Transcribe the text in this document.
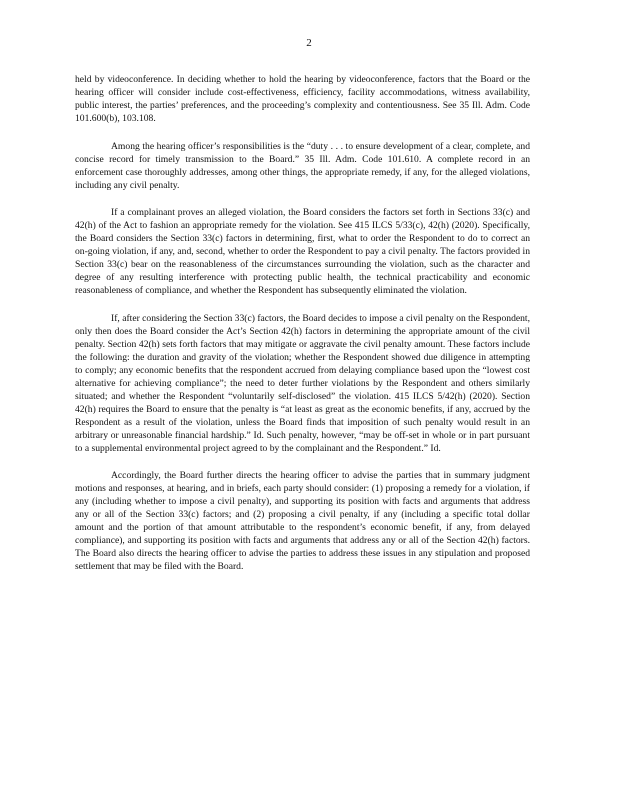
2

held by videoconference. In deciding whether to hold the hearing by videoconference, factors that the Board or the hearing officer will consider include cost-effectiveness, efficiency, facility accommodations, witness availability, public interest, the parties’ preferences, and the proceeding’s complexity and contentiousness. See 35 Ill. Adm. Code 101.600(b), 103.108.

Among the hearing officer’s responsibilities is the “duty . . . to ensure development of a clear, complete, and concise record for timely transmission to the Board.” 35 Ill. Adm. Code 101.610. A complete record in an enforcement case thoroughly addresses, among other things, the appropriate remedy, if any, for the alleged violations, including any civil penalty.

If a complainant proves an alleged violation, the Board considers the factors set forth in Sections 33(c) and 42(h) of the Act to fashion an appropriate remedy for the violation. See 415 ILCS 5/33(c), 42(h) (2020). Specifically, the Board considers the Section 33(c) factors in determining, first, what to order the Respondent to do to correct an on-going violation, if any, and, second, whether to order the Respondent to pay a civil penalty. The factors provided in Section 33(c) bear on the reasonableness of the circumstances surrounding the violation, such as the character and degree of any resulting interference with protecting public health, the technical practicability and economic reasonableness of compliance, and whether the Respondent has subsequently eliminated the violation.

If, after considering the Section 33(c) factors, the Board decides to impose a civil penalty on the Respondent, only then does the Board consider the Act’s Section 42(h) factors in determining the appropriate amount of the civil penalty. Section 42(h) sets forth factors that may mitigate or aggravate the civil penalty amount. These factors include the following: the duration and gravity of the violation; whether the Respondent showed due diligence in attempting to comply; any economic benefits that the respondent accrued from delaying compliance based upon the “lowest cost alternative for achieving compliance”; the need to deter further violations by the Respondent and others similarly situated; and whether the Respondent “voluntarily self-disclosed” the violation. 415 ILCS 5/42(h) (2020). Section 42(h) requires the Board to ensure that the penalty is “at least as great as the economic benefits, if any, accrued by the Respondent as a result of the violation, unless the Board finds that imposition of such penalty would result in an arbitrary or unreasonable financial hardship.” Id. Such penalty, however, “may be off-set in whole or in part pursuant to a supplemental environmental project agreed to by the complainant and the Respondent.” Id.

Accordingly, the Board further directs the hearing officer to advise the parties that in summary judgment motions and responses, at hearing, and in briefs, each party should consider: (1) proposing a remedy for a violation, if any (including whether to impose a civil penalty), and supporting its position with facts and arguments that address any or all of the Section 33(c) factors; and (2) proposing a civil penalty, if any (including a specific total dollar amount and the portion of that amount attributable to the respondent’s economic benefit, if any, from delayed compliance), and supporting its position with facts and arguments that address any or all of the Section 42(h) factors. The Board also directs the hearing officer to advise the parties to address these issues in any stipulation and proposed settlement that may be filed with the Board.
